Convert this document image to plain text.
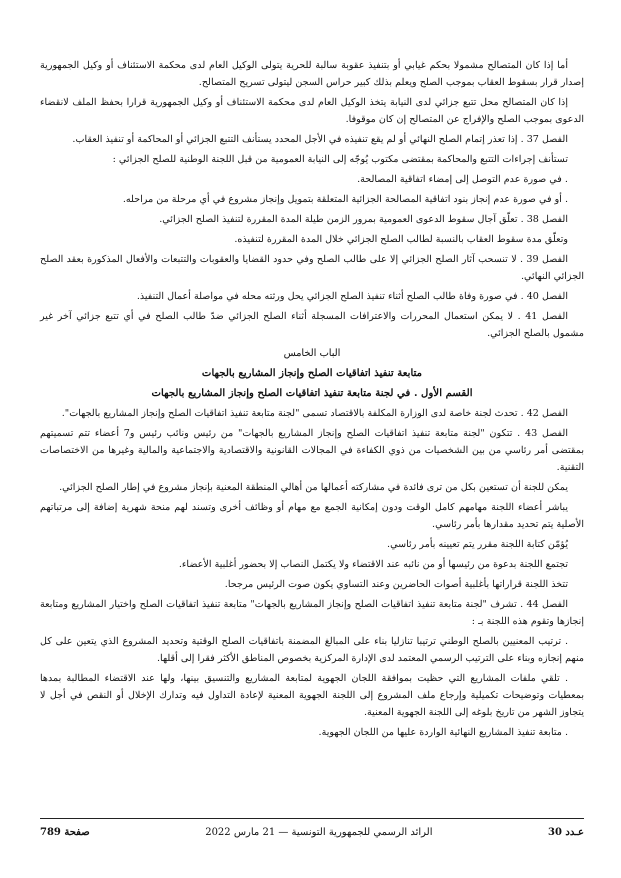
أما إذا كان المتصالح مشمولا بحكم غيابي أو بتنفيذ عقوبة سالبة للحرية يتولى الوكيل العام لدى محكمة الاستئناف أو وكيل الجمهورية إصدار قرار بسقوط العقاب بموجب الصلح ويعلم بذلك كبير حراس السجن ليتولى تسريح المتصالح.
إذا كان المتصالح محل تتبع جزائي لدى النيابة يتخذ الوكيل العام لدى محكمة الاستئناف أو وكيل الجمهورية قرارا بحفظ الملف لانقضاء الدعوى بموجب الصلح والإفراج عن المتصالح إن كان موقوفا.
الفصل 37 . إذا تعذر إتمام الصلح النهائي أو لم يقع تنفيذه في الأجل المحدد يستأنف التتبع الجزائي أو المحاكمة أو تنفيذ العقاب.
تستأنف إجراءات التتبع والمحاكمة بمقتضى مكتوب يُوجّه إلى النيابة العمومية من قبل اللجنة الوطنية للصلح الجزائي :
. في صورة عدم التوصل إلى إمضاء اتفاقية المصالحة.
. أو في صورة عدم إنجاز بنود اتفاقية المصالحة الجزائية المتعلقة بتمويل وإنجاز مشروع في أي مرحلة من مراحله.
الفصل 38 . تعلّق آجال سقوط الدعوى العمومية بمرور الزمن طيلة المدة المقررة لتنفيذ الصلح الجزائي.
وتعلّق مدة سقوط العقاب بالنسبة لطالب الصلح الجزائي خلال المدة المقررة لتنفيذه.
الفصل 39 . لا تنسحب آثار الصلح الجزائي إلا على طالب الصلح وفي حدود القضايا والعقوبات والتتبعات والأفعال المذكورة بعقد الصلح الجزائي النهائي.
الفصل 40 . في صورة وفاة طالب الصلح أثناء تنفيذ الصلح الجزائي يحل ورثته محله في مواصلة أعمال التنفيذ.
الفصل 41 . لا يمكن استعمال المحررات والاعترافات المسجلة أثناء الصلح الجزائي ضدّ طالب الصلح في أي تتبع جزائي آخر غير مشمول بالصلح الجزائي.
الباب الخامس
متابعة تنفيذ اتفاقيات الصلح وإنجاز المشاريع بالجهات
القسم الأول . في لجنة متابعة تنفيذ اتفاقيات الصلح وإنجاز المشاريع بالجهات
الفصل 42 . تحدث لجنة خاصة لدى الوزارة المكلفة بالاقتصاد تسمى "لجنة متابعة تنفيذ اتفاقيات الصلح وإنجاز المشاريع بالجهات".
الفصل 43 . تتكون "لجنة متابعة تنفيذ اتفاقيات الصلح وإنجاز المشاريع بالجهات" من رئيس ونائب رئيس و7 أعضاء تتم تسميتهم بمقتضى أمر رئاسي من بين الشخصيات من ذوي الكفاءة في المجالات القانونية والاقتصادية والاجتماعية والمالية وغيرها من الاختصاصات التقنية.
يمكن للجنة أن تستعين بكل من ترى فائدة في مشاركته أعمالها من أهالي المنطقة المعنية بإنجاز مشروع في إطار الصلح الجزائي.
يباشر أعضاء اللجنة مهامهم كامل الوقت ودون إمكانية الجمع مع مهام أو وظائف أخرى وتسند لهم منحة شهرية إضافة إلى مرتباتهم الأصلية يتم تحديد مقدارها بأمر رئاسي.
يُؤمّن كتابة اللجنة مقرر يتم تعيينه بأمر رئاسي.
تجتمع اللجنة بدعوة من رئيسها أو من نائبه عند الاقتضاء ولا يكتمل النصاب إلا بحضور أغلبية الأعضاء.
تتخذ اللجنة قراراتها بأغلبية أصوات الحاضرين وعند التساوي يكون صوت الرئيس مرجحا.
الفصل 44 . تشرف "لجنة متابعة تنفيذ اتفاقيات الصلح وإنجاز المشاريع بالجهات" متابعة تنفيذ اتفاقيات الصلح واختيار المشاريع ومتابعة إنجازها وتقوم هذه اللجنة بـ :
. ترتيب المعنيين بالصلح الوطني ترتيبا تنازليا بناء على المبالغ المضمنة باتفاقيات الصلح الوقتية وتحديد المشروع الذي يتعين على كل منهم إنجازه وبناء على الترتيب الرسمي المعتمد لدى الإدارة المركزية بخصوص المناطق الأكثر فقرا إلى أقلها.
. تلقي ملفات المشاريع التي حظيت بموافقة اللجان الجهوية لمتابعة المشاريع والتنسيق بينها، ولها عند الاقتضاء المطالبة بمدها بمعطيات وتوضيحات تكميلية وإرجاع ملف المشروع إلى اللجنة الجهوية المعنية لإعادة التداول فيه وتدارك الإخلال أو النقص في أجل لا يتجاوز الشهر من تاريخ بلوغه إلى اللجنة الجهوية المعنية.
. متابعة تنفيذ المشاريع النهائية الواردة عليها من اللجان الجهوية.
عـدد 30
الرائد الرسمي للجمهورية التونسية — 21 مارس 2022
صفحة 789
